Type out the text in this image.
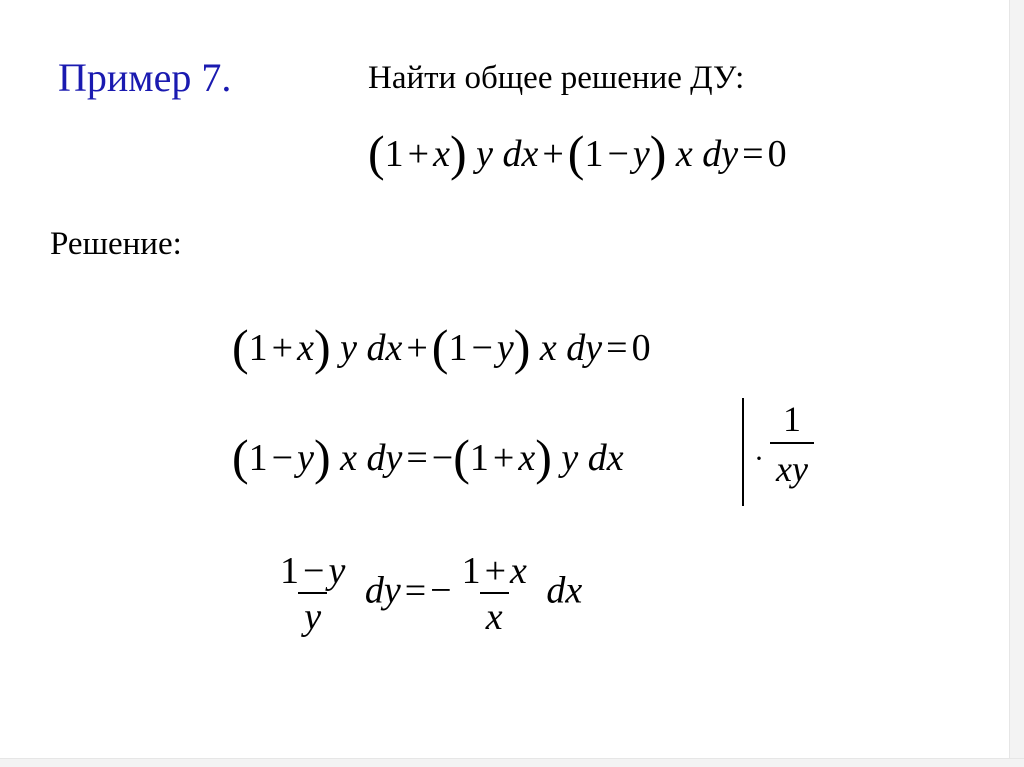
Пример 7.	Найти общее решение ДУ:
(1 + x) y dx +(1 − y) x dy = 0
Решение:
(1 + x) y dx +(1 − y) x dy = 0
(1 − y) x dy = −(1 + x) y dx	· $\frac{1}{xy}$
$\frac{1 - y}{y}$ dy = − $\frac{1 + x}{x}$ dx
